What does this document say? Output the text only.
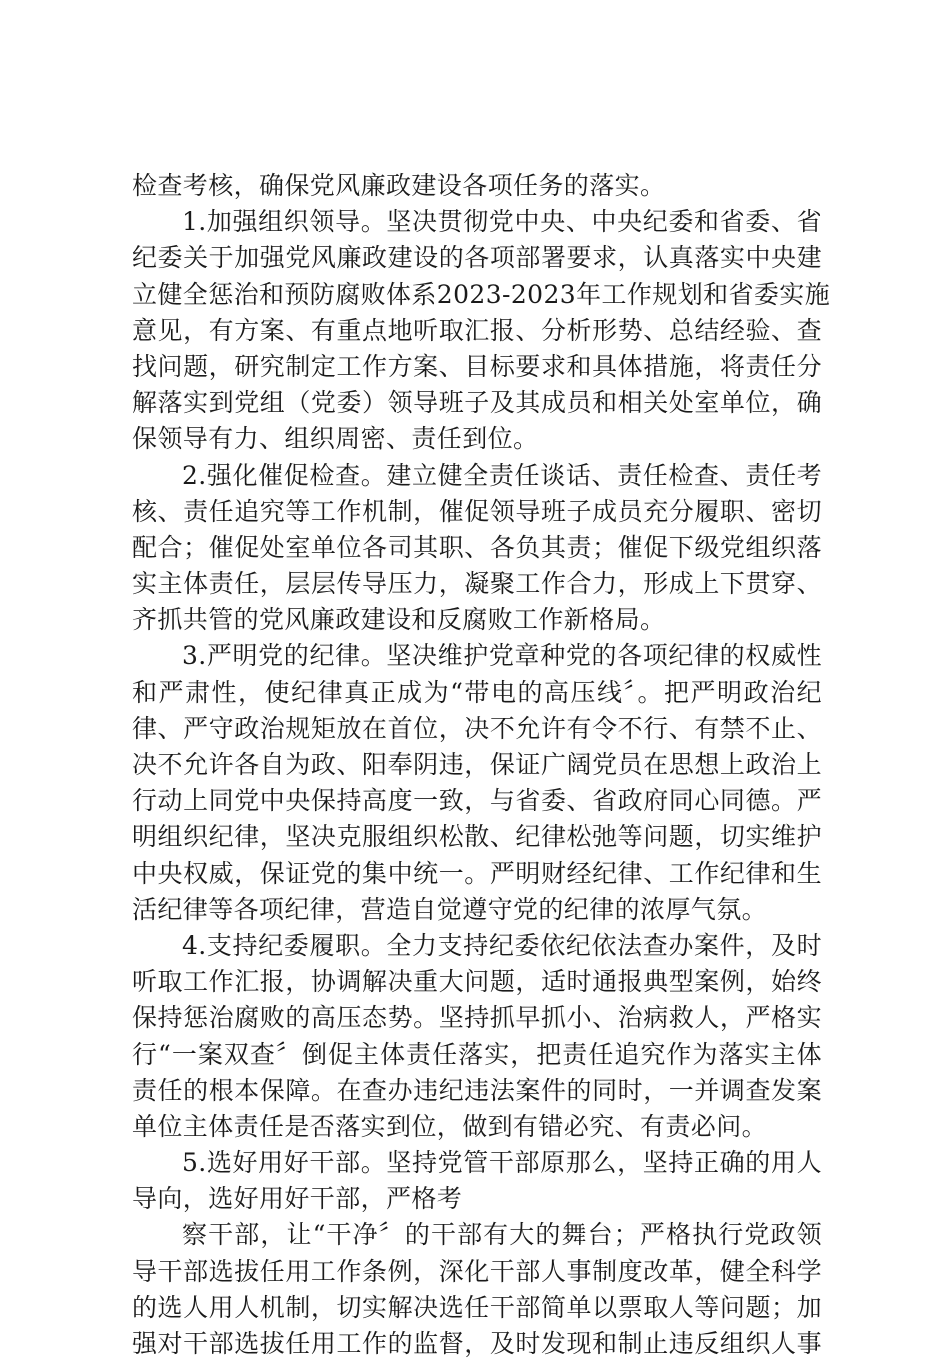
检查考核，确保党风廉政建设各项任务的落实。
1.加强组织领导。坚决贯彻党中央、中央纪委和省委、省
纪委关于加强党风廉政建设的各项部署要求，认真落实中央建
立健全惩治和预防腐败体系2023-2023年工作规划和省委实施
意见，有方案、有重点地听取汇报、分析形势、总结经验、查
找问题，研究制定工作方案、目标要求和具体措施，将责任分
解落实到党组（党委）领导班子及其成员和相关处室单位，确
保领导有力、组织周密、责任到位。
2.强化催促检查。建立健全责任谈话、责任检查、责任考
核、责任追究等工作机制，催促领导班子成员充分履职、密切
配合；催促处室单位各司其职、各负其责；催促下级党组织落
实主体责任，层层传导压力，凝聚工作合力，形成上下贯穿、
齐抓共管的党风廉政建设和反腐败工作新格局。
3.严明党的纪律。坚决维护党章种党的各项纪律的权威性
和严肃性，使纪律真正成为“带电的高压线〞。把严明政治纪
律、严守政治规矩放在首位，决不允许有令不行、有禁不止、
决不允许各自为政、阳奉阴违，保证广阔党员在思想上政治上
行动上同党中央保持高度一致，与省委、省政府同心同德。严
明组织纪律，坚决克服组织松散、纪律松弛等问题，切实维护
中央权威，保证党的集中统一。严明财经纪律、工作纪律和生
活纪律等各项纪律，营造自觉遵守党的纪律的浓厚气氛。
4.支持纪委履职。全力支持纪委依纪依法查办案件，及时
听取工作汇报，协调解决重大问题，适时通报典型案例，始终
保持惩治腐败的高压态势。坚持抓早抓小、治病救人，严格实
行“一案双查〞倒促主体责任落实，把责任追究作为落实主体
责任的根本保障。在查办违纪违法案件的同时，一并调查发案
单位主体责任是否落实到位，做到有错必究、有责必问。
5.选好用好干部。坚持党管干部原那么，坚持正确的用人
导向，选好用好干部，严格考
察干部，让“干净〞的干部有大的舞台；严格执行党政领
导干部选拔任用工作条例，深化干部人事制度改革，健全科学
的选人用人机制，切实解决选任干部简单以票取人等问题；加
强对干部选拔任用工作的监督，及时发现和制止违反组织人事
